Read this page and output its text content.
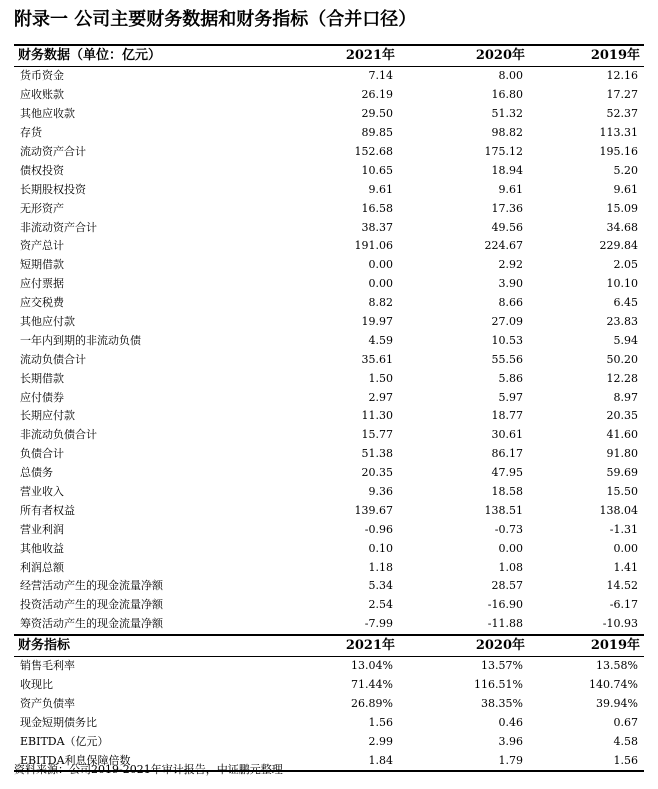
附录一 公司主要财务数据和财务指标（合并口径）
财务数据（单位：亿元）	2021年	2020年	2019年
货币资金	7.14	8.00	12.16
应收账款	26.19	16.80	17.27
其他应收款	29.50	51.32	52.37
存货	89.85	98.82	113.31
流动资产合计	152.68	175.12	195.16
债权投资	10.65	18.94	5.20
长期股权投资	9.61	9.61	9.61
无形资产	16.58	17.36	15.09
非流动资产合计	38.37	49.56	34.68
资产总计	191.06	224.67	229.84
短期借款	0.00	2.92	2.05
应付票据	0.00	3.90	10.10
应交税费	8.82	8.66	6.45
其他应付款	19.97	27.09	23.83
一年内到期的非流动负债	4.59	10.53	5.94
流动负债合计	35.61	55.56	50.20
长期借款	1.50	5.86	12.28
应付债券	2.97	5.97	8.97
长期应付款	11.30	18.77	20.35
非流动负债合计	15.77	30.61	41.60
负债合计	51.38	86.17	91.80
总债务	20.35	47.95	59.69
营业收入	9.36	18.58	15.50
所有者权益	139.67	138.51	138.04
营业利润	-0.96	-0.73	-1.31
其他收益	0.10	0.00	0.00
利润总额	1.18	1.08	1.41
经营活动产生的现金流量净额	5.34	28.57	14.52
投资活动产生的现金流量净额	2.54	-16.90	-6.17
筹资活动产生的现金流量净额	-7.99	-11.88	-10.93
财务指标	2021年	2020年	2019年
销售毛利率	13.04%	13.57%	13.58%
收现比	71.44%	116.51%	140.74%
资产负债率	26.89%	38.35%	39.94%
现金短期债务比	1.56	0.46	0.67
EBITDA（亿元）	2.99	3.96	4.58
EBITDA利息保障倍数	1.84	1.79	1.56
资料来源：公司2019-2021年审计报告，中证鹏元整理
